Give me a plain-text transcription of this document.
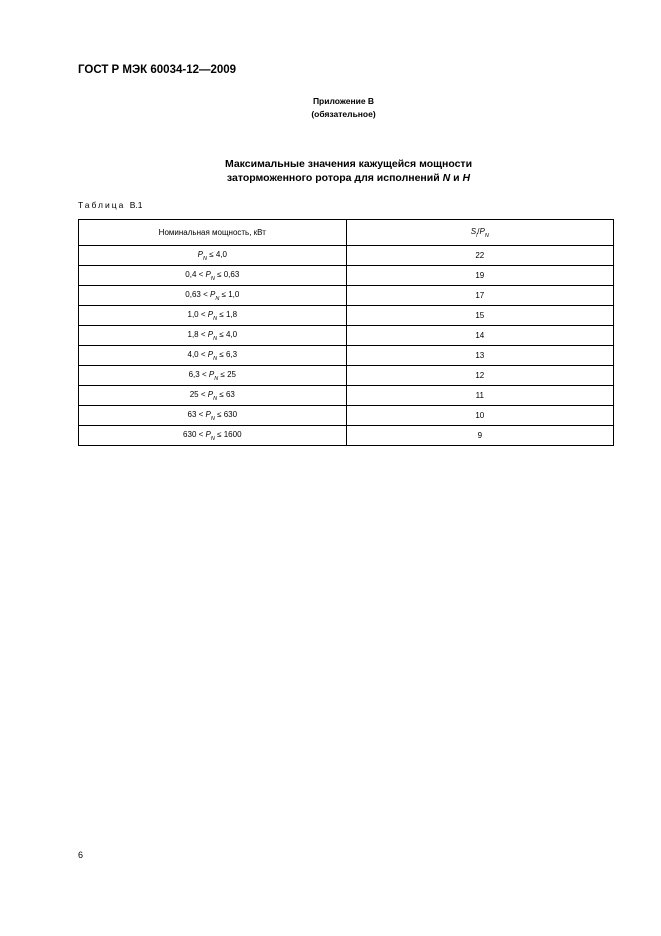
ГОСТ Р МЭК 60034-12—2009
Приложение В
(обязательное)
Максимальные значения кажущейся мощности
заторможенного ротора для исполнений N и H
Таблица В.1
Номинальная мощность, кВт	$S_l/P_N$
$P_N \le 4,0$	22
$0,4 < P_N \le 0,63$	19
$0,63 < P_N \le 1,0$	17
$1,0 < P_N \le 1,8$	15
$1,8 < P_N \le 4,0$	14
$4,0 < P_N \le 6,3$	13
$6,3 < P_N \le 25$	12
$25 < P_N \le 63$	11
$63 < P_N \le 630$	10
$630 < P_N \le 1600$	9
6
